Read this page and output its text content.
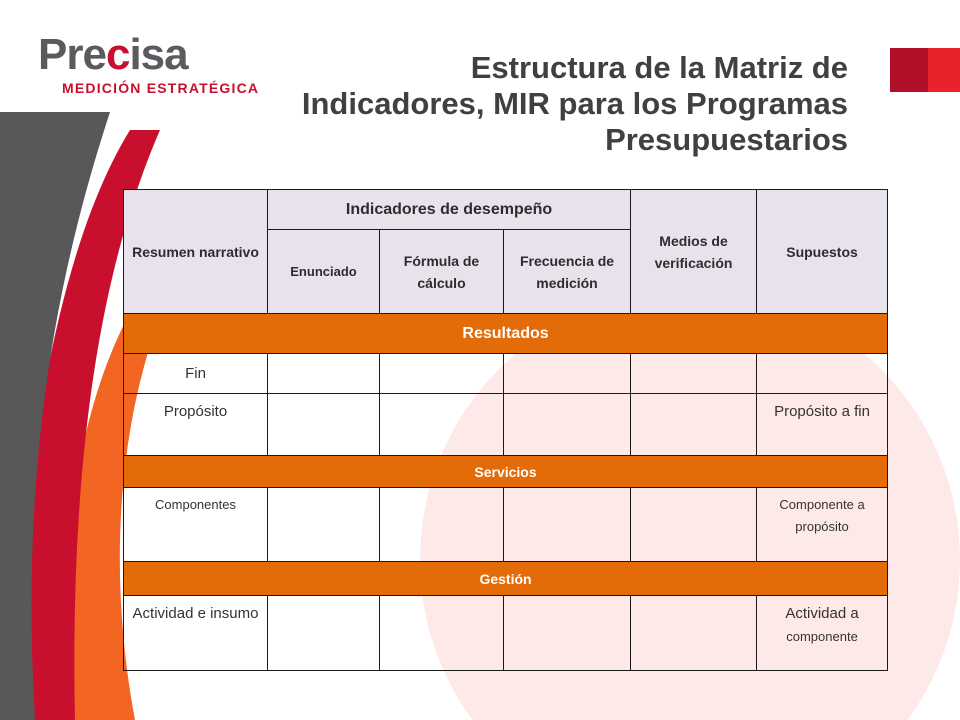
Precisa
MEDICIÓN ESTRATÉGICA
Estructura de la Matriz de
Indicadores, MIR para los Programas
Presupuestarios
Resumen narrativo	Indicadores de desempeño			Medios de verificación	Supuestos
	Enunciado	Fórmula de cálculo	Frecuencia de medición		
Resultados					
Fin					
Propósito					Propósito a fin
Servicios					
Componentes					Componente a propósito
Gestión					
Actividad e insumo					Actividad a
componente
